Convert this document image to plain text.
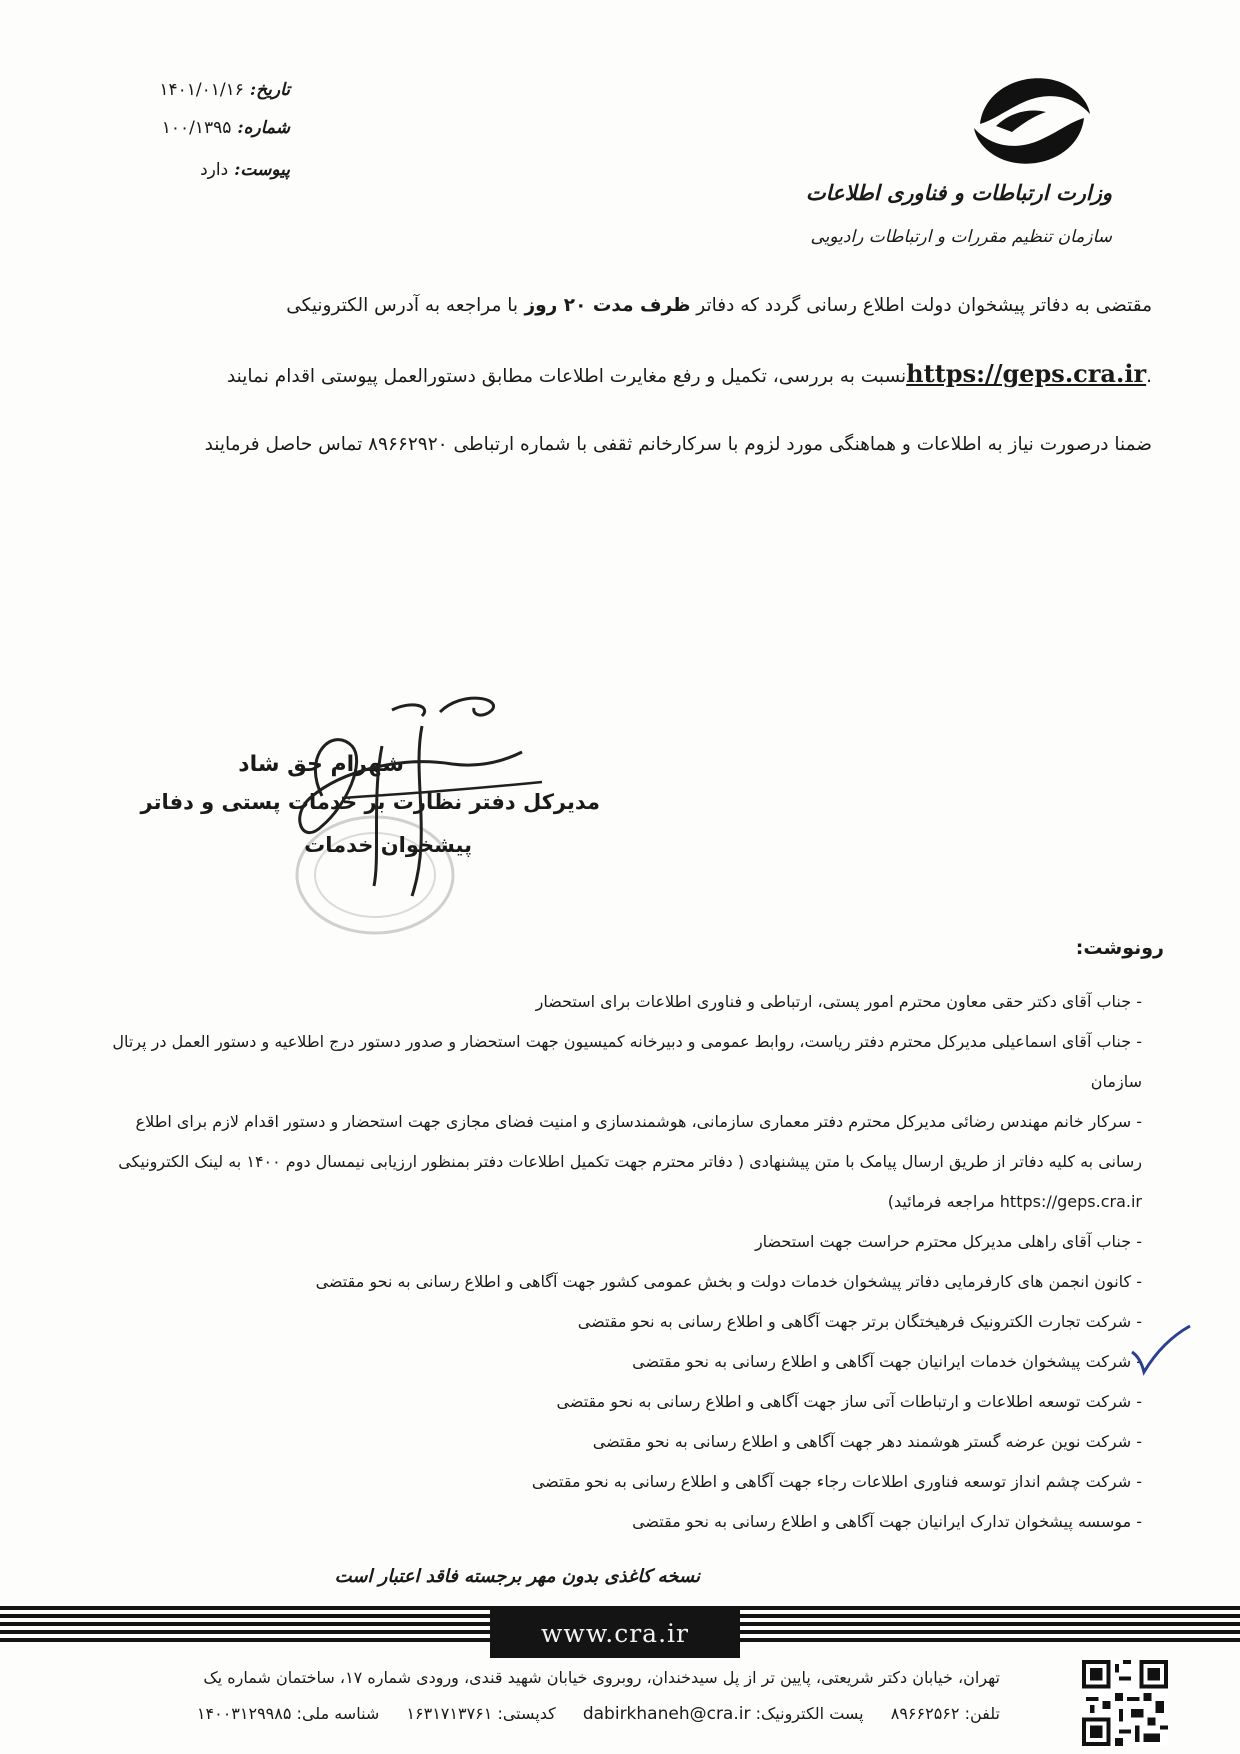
وزارت ارتباطات و فناوری اطلاعات
سازمان تنظیم مقررات و ارتباطات رادیویی
تاریخ:۱۴۰۱/۰۱/۱۶
شماره:۱۰۰/۱۳۹۵
پیوست:دارد
مقتضی به دفاتر پیشخوان دولت اطلاع رسانی گردد که دفاتر ظرف مدت ۲۰ روز با مراجعه به آدرس الکترونیکی
https://geps.cra.irنسبت به بررسی، تکمیل و رفع مغایرت اطلاعات مطابق دستورالعمل پیوستی اقدام نمایند.
ضمنا درصورت نیاز به اطلاعات و هماهنگی مورد لزوم با سرکارخانم ثقفی با شماره ارتباطی ۸۹۶۶۲۹۲۰ تماس حاصل فرمایند
شهرام حق شاد
مدیرکل دفتر نظارت بر خدمات پستی و دفاتر
پیشخوان خدمات
رونوشت:
- جناب آقای دکتر حقی معاون محترم امور پستی، ارتباطی و فناوری اطلاعات برای استحضار
- جناب آقای اسماعیلی مدیرکل محترم دفتر ریاست، روابط عمومی و دبیرخانه کمیسیون جهت استحضار و صدور دستور درج اطلاعیه و دستور العمل در پرتال سازمان
- سرکار خانم مهندس رضائی مدیرکل محترم دفتر معماری سازمانی، هوشمندسازی و امنیت فضای مجازی جهت استحضار و دستور اقدام لازم برای اطلاع رسانی به کلیه دفاتر از طریق ارسال پیامک با متن پیشنهادی ( دفاتر محترم جهت تکمیل اطلاعات دفتر بمنظور ارزیابی نیمسال دوم ۱۴۰۰ به لینک الکترونیکی https://geps.cra.ir مراجعه فرمائید)
- جناب آقای راهلی مدیرکل محترم حراست جهت استحضار
- کانون انجمن های کارفرمایی دفاتر پیشخوان خدمات دولت و بخش عمومی کشور جهت آگاهی و اطلاع رسانی به نحو مقتضی
- شرکت تجارت الکترونیک فرهیختگان برتر جهت آگاهی و اطلاع رسانی به نحو مقتضی
- شرکت پیشخوان خدمات ایرانیان جهت آگاهی و اطلاع رسانی به نحو مقتضی
- شرکت توسعه اطلاعات و ارتباطات آتی ساز جهت آگاهی و اطلاع رسانی به نحو مقتضی
- شرکت نوین عرضه گستر هوشمند دهر جهت آگاهی و اطلاع رسانی به نحو مقتضی
- شرکت چشم انداز توسعه فناوری اطلاعات رجاء جهت آگاهی و اطلاع رسانی به نحو مقتضی
- موسسه پیشخوان تدارک ایرانیان جهت آگاهی و اطلاع رسانی به نحو مقتضی
نسخه کاغذی بدون مهر برجسته فاقد اعتبار است
www.cra.ir
تهران، خیابان دکتر شریعتی، پایین تر از پل سیدخندان، روبروی خیابان شهید قندی، ورودی شماره ۱۷، ساختمان شماره یک
تلفن: ۸۹۶۶۲۵۶۲ پست الکترونیک: dabirkhaneh@cra.ir کدپستی: ۱۶۳۱۷۱۳۷۶۱ شناسه ملی: ۱۴۰۰۳۱۲۹۹۸۵
